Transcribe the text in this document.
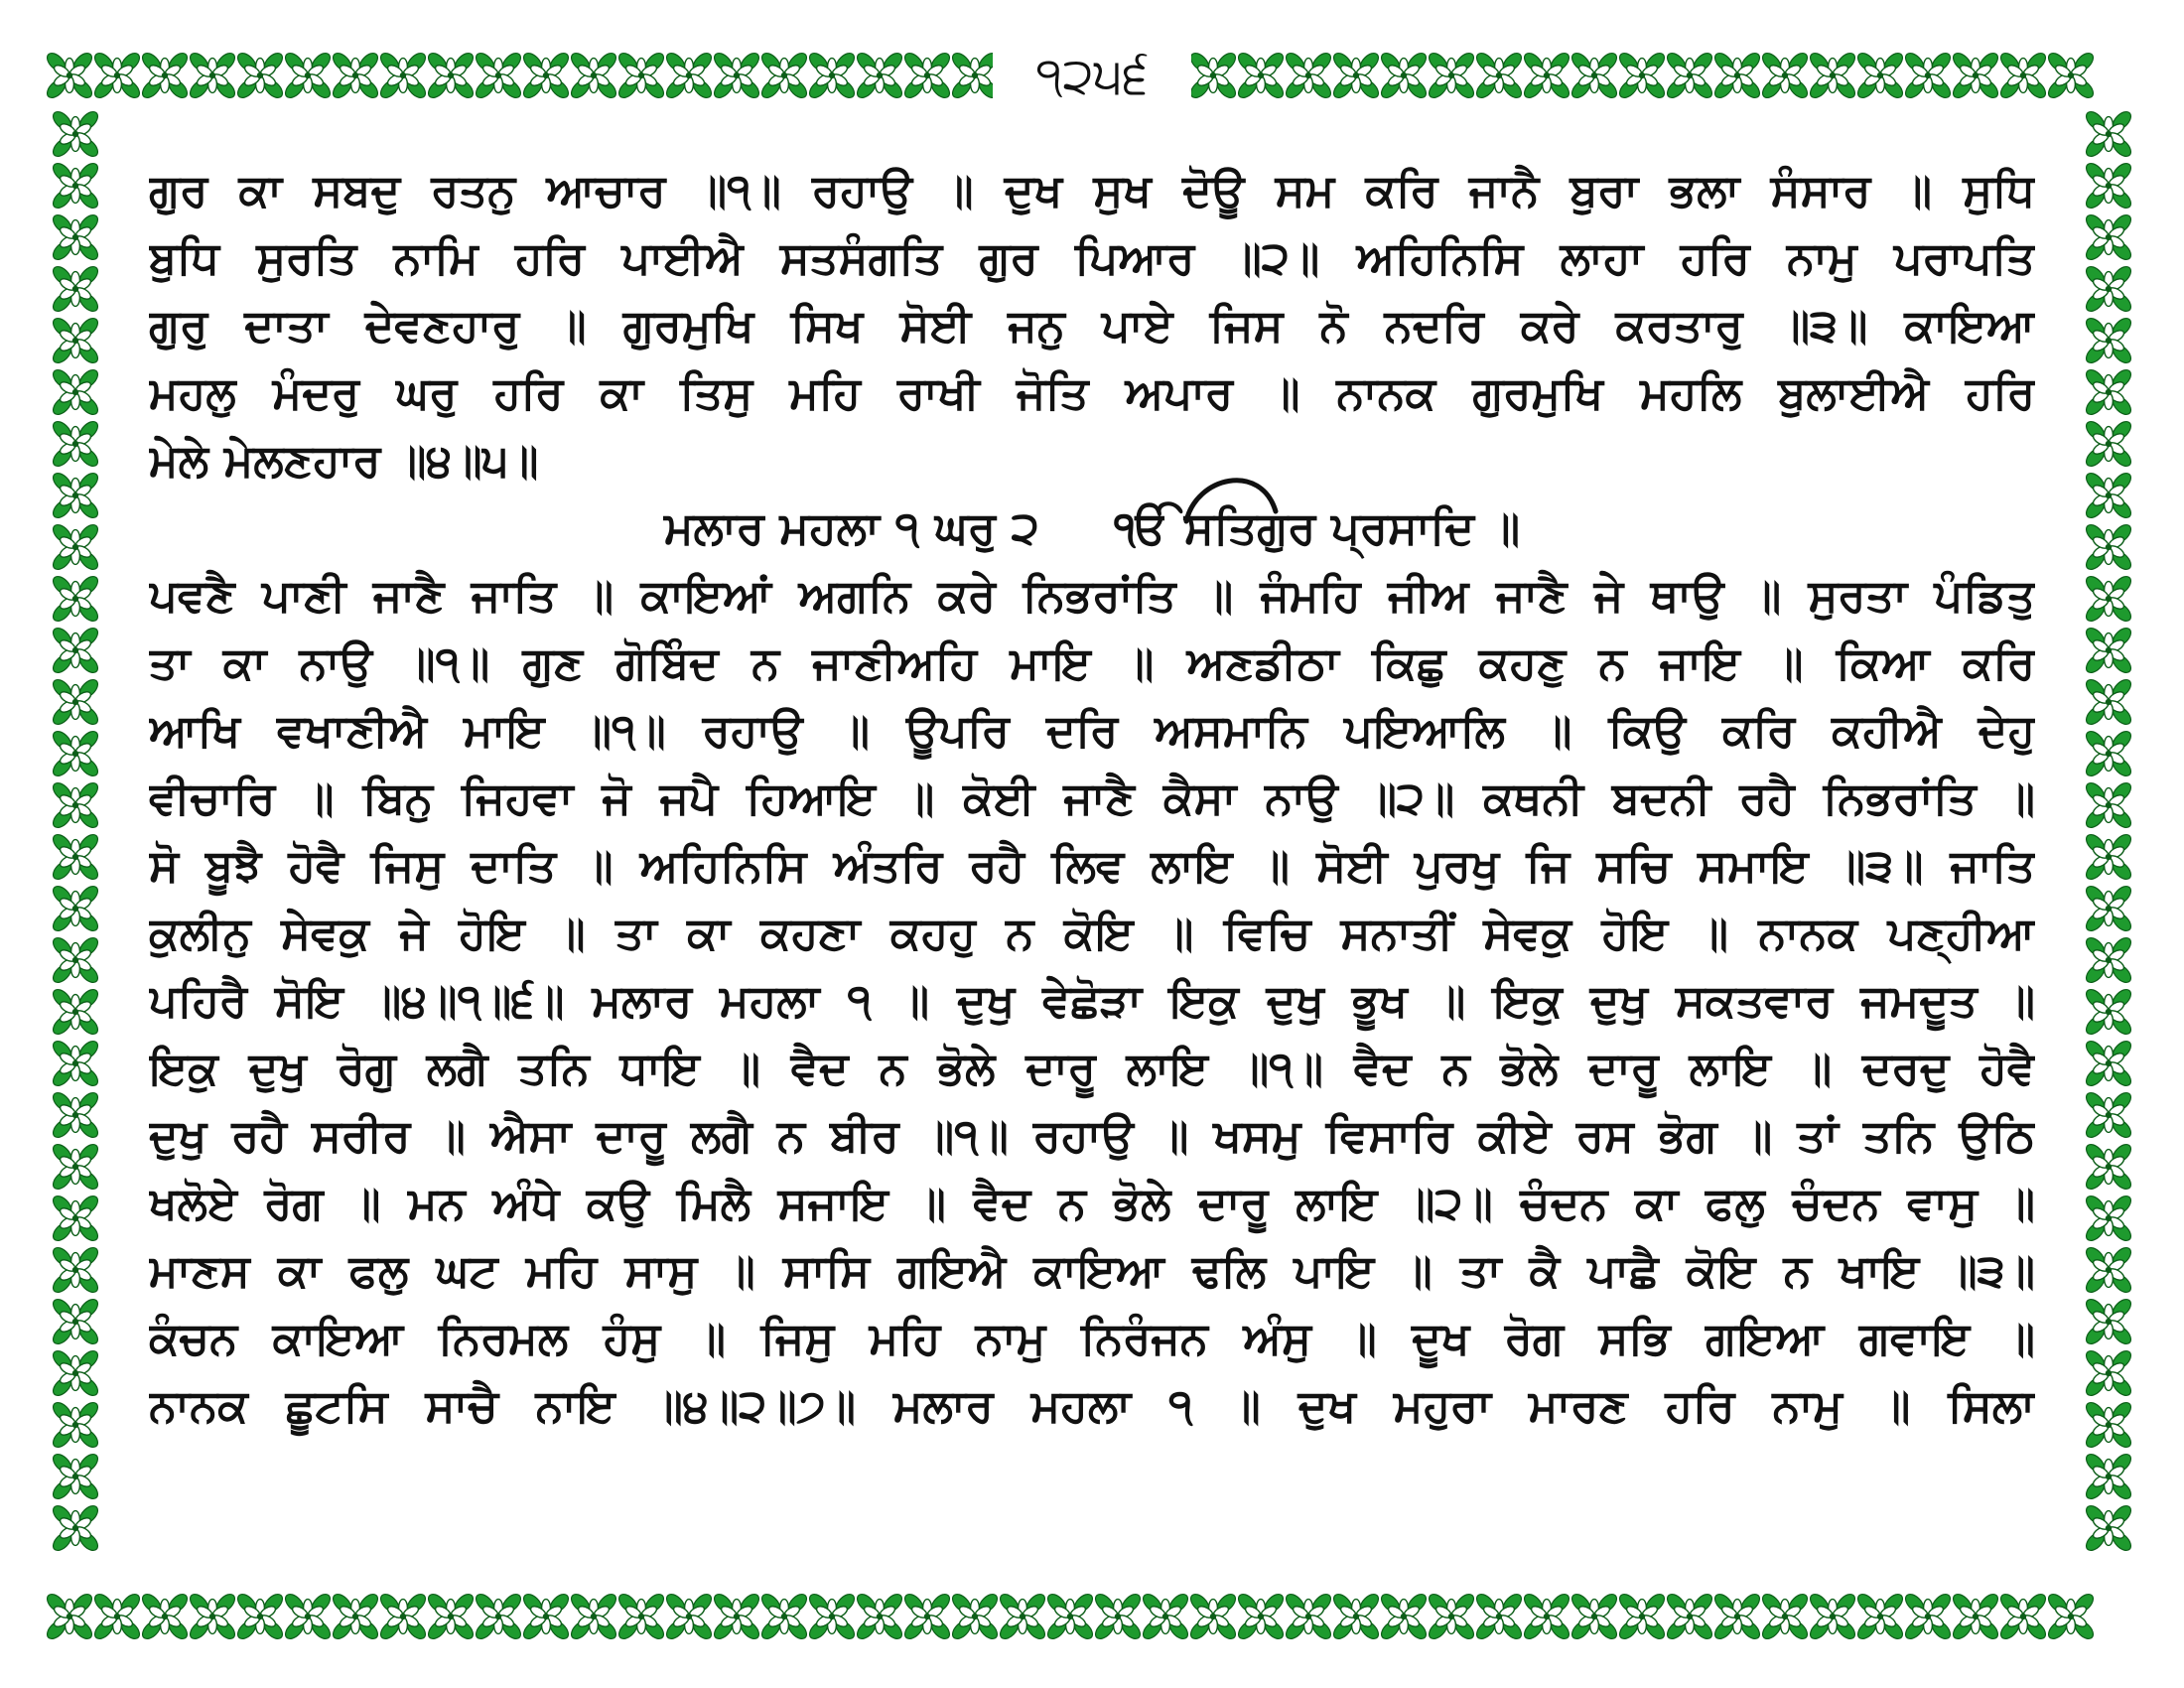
੧੨੫੬
ਗੁਰ ਕਾ ਸਬਦੁ ਰਤਨੁ ਆਚਾਰ ॥੧॥ ਰਹਾਉ ॥ ਦੁਖ ਸੁਖ ਦੋਊ ਸਮ ਕਰਿ ਜਾਨੈ ਬੁਰਾ ਭਲਾ ਸੰਸਾਰ ॥ ਸੁਧਿ
ਬੁਧਿ ਸੁਰਤਿ ਨਾਮਿ ਹਰਿ ਪਾਈਐ ਸਤਸੰਗਤਿ ਗੁਰ ਪਿਆਰ ॥੨॥ ਅਹਿਨਿਸਿ ਲਾਹਾ ਹਰਿ ਨਾਮੁ ਪਰਾਪਤਿ
ਗੁਰੁ ਦਾਤਾ ਦੇਵਣਹਾਰੁ ॥ ਗੁਰਮੁਖਿ ਸਿਖ ਸੋਈ ਜਨੁ ਪਾਏ ਜਿਸ ਨੋ ਨਦਰਿ ਕਰੇ ਕਰਤਾਰੁ ॥੩॥ ਕਾਇਆ
ਮਹਲੁ ਮੰਦਰੁ ਘਰੁ ਹਰਿ ਕਾ ਤਿਸੁ ਮਹਿ ਰਾਖੀ ਜੋਤਿ ਅਪਾਰ ॥ ਨਾਨਕ ਗੁਰਮੁਖਿ ਮਹਲਿ ਬੁਲਾਈਐ ਹਰਿ
ਮੇਲੇ ਮੇਲਣਹਾਰ ॥੪॥੫॥
ਮਲਾਰ ਮਹਲਾ ੧ ਘਰੁ ੨ ੴ ਸਤਿਗੁਰ ਪ੍ਰਸਾਦਿ ॥
ਪਵਣੈ ਪਾਣੀ ਜਾਣੈ ਜਾਤਿ ॥ ਕਾਇਆਂ ਅਗਨਿ ਕਰੇ ਨਿਭਰਾਂਤਿ ॥ ਜੰਮਹਿ ਜੀਅ ਜਾਣੈ ਜੇ ਥਾਉ ॥ ਸੁਰਤਾ ਪੰਡਿਤੁ
ਤਾ ਕਾ ਨਾਉ ॥੧॥ ਗੁਣ ਗੋਬਿੰਦ ਨ ਜਾਣੀਅਹਿ ਮਾਇ ॥ ਅਣਡੀਠਾ ਕਿਛੁ ਕਹਣੁ ਨ ਜਾਇ ॥ ਕਿਆ ਕਰਿ
ਆਖਿ ਵਖਾਣੀਐ ਮਾਇ ॥੧॥ ਰਹਾਉ ॥ ਊਪਰਿ ਦਰਿ ਅਸਮਾਨਿ ਪਇਆਲਿ ॥ ਕਿਉ ਕਰਿ ਕਹੀਐ ਦੇਹੁ
ਵੀਚਾਰਿ ॥ ਬਿਨੁ ਜਿਹਵਾ ਜੋ ਜਪੈ ਹਿਆਇ ॥ ਕੋਈ ਜਾਣੈ ਕੈਸਾ ਨਾਉ ॥੨॥ ਕਥਨੀ ਬਦਨੀ ਰਹੈ ਨਿਭਰਾਂਤਿ ॥
ਸੋ ਬੂਝੈ ਹੋਵੈ ਜਿਸੁ ਦਾਤਿ ॥ ਅਹਿਨਿਸਿ ਅੰਤਰਿ ਰਹੈ ਲਿਵ ਲਾਇ ॥ ਸੋਈ ਪੁਰਖੁ ਜਿ ਸਚਿ ਸਮਾਇ ॥੩॥ ਜਾਤਿ
ਕੁਲੀਨੁ ਸੇਵਕੁ ਜੇ ਹੋਇ ॥ ਤਾ ਕਾ ਕਹਣਾ ਕਹਹੁ ਨ ਕੋਇ ॥ ਵਿਚਿ ਸਨਾਤੀਂ ਸੇਵਕੁ ਹੋਇ ॥ ਨਾਨਕ ਪਣ੍ਹੀਆ
ਪਹਿਰੈ ਸੋਇ ॥੪॥੧॥੬॥ ਮਲਾਰ ਮਹਲਾ ੧ ॥ ਦੁਖੁ ਵੇਛੋੜਾ ਇਕੁ ਦੁਖੁ ਭੂਖ ॥ ਇਕੁ ਦੁਖੁ ਸਕਤਵਾਰ ਜਮਦੂਤ ॥
ਇਕੁ ਦੁਖੁ ਰੋਗੁ ਲਗੈ ਤਨਿ ਧਾਇ ॥ ਵੈਦ ਨ ਭੋਲੇ ਦਾਰੂ ਲਾਇ ॥੧॥ ਵੈਦ ਨ ਭੋਲੇ ਦਾਰੂ ਲਾਇ ॥ ਦਰਦੁ ਹੋਵੈ
ਦੁਖੁ ਰਹੈ ਸਰੀਰ ॥ ਐਸਾ ਦਾਰੂ ਲਗੈ ਨ ਬੀਰ ॥੧॥ ਰਹਾਉ ॥ ਖਸਮੁ ਵਿਸਾਰਿ ਕੀਏ ਰਸ ਭੋਗ ॥ ਤਾਂ ਤਨਿ ਉਠਿ
ਖਲੋਏ ਰੋਗ ॥ ਮਨ ਅੰਧੇ ਕਉ ਮਿਲੈ ਸਜਾਇ ॥ ਵੈਦ ਨ ਭੋਲੇ ਦਾਰੂ ਲਾਇ ॥੨॥ ਚੰਦਨ ਕਾ ਫਲੁ ਚੰਦਨ ਵਾਸੁ ॥
ਮਾਣਸ ਕਾ ਫਲੁ ਘਟ ਮਹਿ ਸਾਸੁ ॥ ਸਾਸਿ ਗਇਐ ਕਾਇਆ ਢਲਿ ਪਾਇ ॥ ਤਾ ਕੈ ਪਾਛੈ ਕੋਇ ਨ ਖਾਇ ॥੩॥
ਕੰਚਨ ਕਾਇਆ ਨਿਰਮਲ ਹੰਸੁ ॥ ਜਿਸੁ ਮਹਿ ਨਾਮੁ ਨਿਰੰਜਨ ਅੰਸੁ ॥ ਦੂਖ ਰੋਗ ਸਭਿ ਗਇਆ ਗਵਾਇ ॥
ਨਾਨਕ ਛੂਟਸਿ ਸਾਚੈ ਨਾਇ ॥੪॥੨॥੭॥ ਮਲਾਰ ਮਹਲਾ ੧ ॥ ਦੁਖ ਮਹੁਰਾ ਮਾਰਣ ਹਰਿ ਨਾਮੁ ॥ ਸਿਲਾ
